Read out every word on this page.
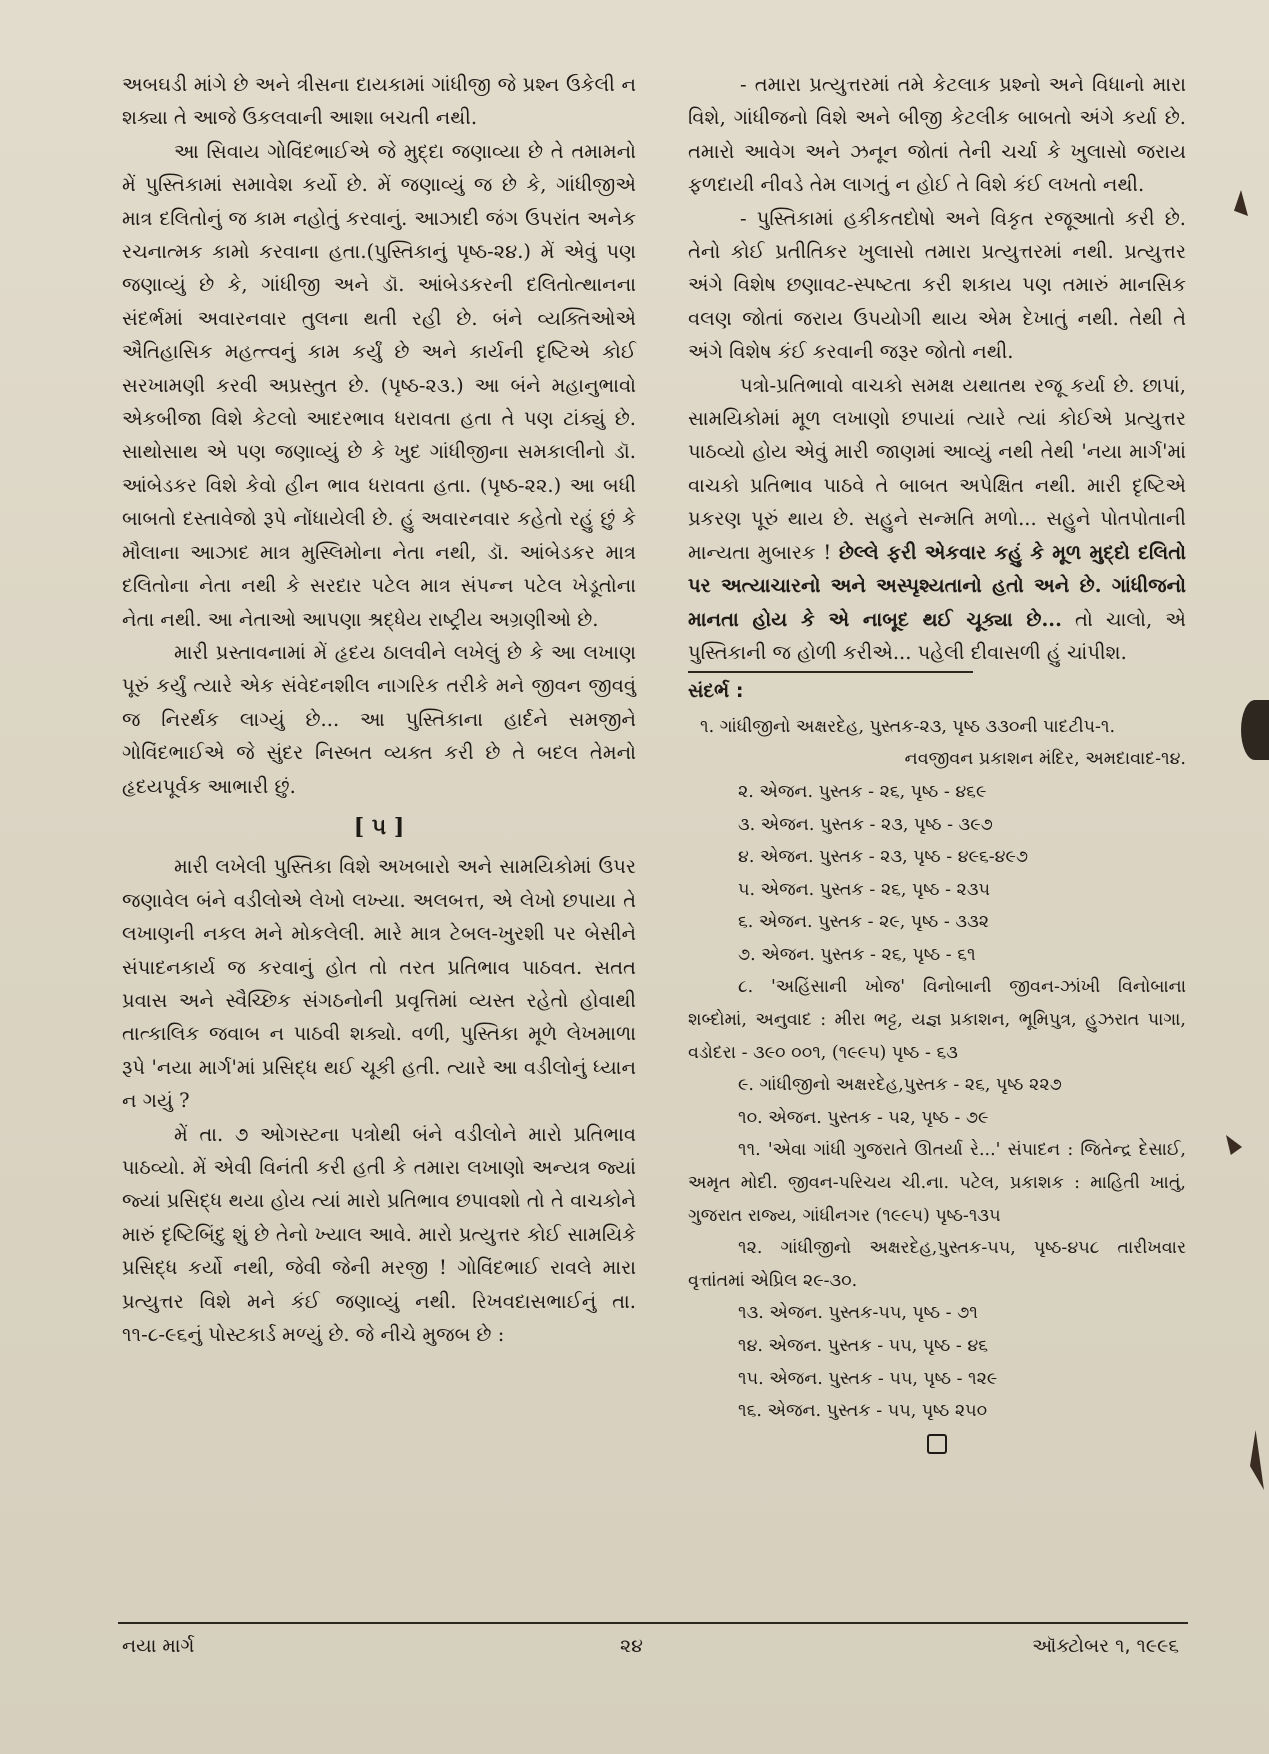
અબઘડી માંગે છે અને ત્રીસના દાયકામાં ગાંધીજી જે પ્રશ્ન ઉકેલી ન શક્યા તે આજે ઉકલવાની આશા બચતી નથી.

આ સિવાય ગોવિંદભાઈએ જે મુદ્દા જણાવ્યા છે તે તમામનો મેં પુસ્તિકામાં સમાવેશ કર્યો છે. મેં જણાવ્યું જ છે કે, ગાંધીજીએ માત્ર દલિતોનું જ કામ નહોતું કરવાનું. આઝાદી જંગ ઉપરાંત અનેક રચનાત્મક કામો કરવાના હતા.(પુસ્તિકાનું પૃષ્ઠ-૨૪.) મેં એવું પણ જણાવ્યું છે કે, ગાંધીજી અને ડૉ. આંબેડકરની દલિતોત્થાનના સંદર્ભમાં અવારનવાર તુલના થતી રહી છે. બંને વ્યક્તિઓએ ઐતિહાસિક મહત્ત્વનું કામ કર્યું છે અને કાર્યની દૃષ્ટિએ કોઈ સરખામણી કરવી અપ્રસ્તુત છે. (પૃષ્ઠ-૨૩.) આ બંને મહાનુભાવો એકબીજા વિશે કેટલો આદરભાવ ધરાવતા હતા તે પણ ટાંક્યું છે. સાથોસાથ એ પણ જણાવ્યું છે કે ખુદ ગાંધીજીના સમકાલીનો ડૉ. આંબેડકર વિશે કેવો હીન ભાવ ધરાવતા હતા. (પૃષ્ઠ-૨૨.) આ બધી બાબતો દસ્તાવેજો રૂપે નોંધાયેલી છે. હું અવારનવાર કહેતો રહું છું કે મૌલાના આઝાદ માત્ર મુસ્લિમોના નેતા નથી, ડૉ. આંબેડકર માત્ર દલિતોના નેતા નથી કે સરદાર પટેલ માત્ર સંપન્ન પટેલ ખેડૂતોના નેતા નથી. આ નેતાઓ આપણા શ્રદ્ધેય રાષ્ટ્રીય અગ્રણીઓ છે.

મારી પ્રસ્તાવનામાં મેં હૃદય ઠાલવીને લખેલું છે કે આ લખાણ પૂરું કર્યું ત્યારે એક સંવેદનશીલ નાગરિક તરીકે મને જીવન જીવવું જ નિરર્થક લાગ્યું છે... આ પુસ્તિકાના હાર્દને સમજીને ગોવિંદભાઈએ જે સુંદર નિસ્બત વ્યક્ત કરી છે તે બદલ તેમનો હૃદયપૂર્વક આભારી છું.

[ ૫ ]

મારી લખેલી પુસ્તિકા વિશે અખબારો અને સામયિકોમાં ઉપર જણાવેલ બંને વડીલોએ લેખો લખ્યા. અલબત્ત, એ લેખો છપાયા તે લખાણની નકલ મને મોકલેલી. મારે માત્ર ટેબલ-ખુરશી પર બેસીને સંપાદનકાર્ય જ કરવાનું હોત તો તરત પ્રતિભાવ પાઠવત. સતત પ્રવાસ અને સ્વૈચ્છિક સંગઠનોની પ્રવૃત્તિમાં વ્યસ્ત રહેતો હોવાથી તાત્કાલિક જવાબ ન પાઠવી શક્યો. વળી, પુસ્તિકા મૂળે લેખમાળા રૂપે 'નયા માર્ગ'માં પ્રસિદ્ધ થઈ ચૂકી હતી. ત્યારે આ વડીલોનું ધ્યાન ન ગયું ?

મેં તા. ૭ ઓગસ્ટના પત્રોથી બંને વડીલોને મારો પ્રતિભાવ પાઠવ્યો. મેં એવી વિનંતી કરી હતી કે તમારા લખાણો અન્યત્ર જ્યાં જ્યાં પ્રસિદ્ધ થયા હોય ત્યાં મારો પ્રતિભાવ છપાવશો તો તે વાચકોને મારું દૃષ્ટિબિંદુ શું છે તેનો ખ્યાલ આવે. મારો પ્રત્યુત્તર કોઈ સામયિકે પ્રસિદ્ધ કર્યો નથી, જેવી જેની મરજી ! ગોવિંદભાઈ રાવલે મારા પ્રત્યુત્તર વિશે મને કંઈ જણાવ્યું નથી. રિખવદાસભાઈનું તા. ૧૧-૮-૯૬નું પોસ્ટકાર્ડ મળ્યું છે. જે નીચે મુજબ છે :

- તમારા પ્રત્યુત્તરમાં તમે કેટલાક પ્રશ્નો અને વિધાનો મારા વિશે, ગાંધીજનો વિશે અને બીજી કેટલીક બાબતો અંગે કર્યા છે. તમારો આવેગ અને ઝનૂન જોતાં તેની ચર્ચા કે ખુલાસો જરાય ફળદાયી નીવડે તેમ લાગતું ન હોઈ તે વિશે કંઈ લખતો નથી.

- પુસ્તિકામાં હકીકતદોષો અને વિકૃત રજૂઆતો કરી છે. તેનો કોઈ પ્રતીતિકર ખુલાસો તમારા પ્રત્યુત્તરમાં નથી. પ્રત્યુત્તર અંગે વિશેષ છણાવટ-સ્પષ્ટતા કરી શકાય પણ તમારું માનસિક વલણ જોતાં જરાય ઉપયોગી થાય એમ દેખાતું નથી. તેથી તે અંગે વિશેષ કંઈ કરવાની જરૂર જોતો નથી.

પત્રો-પ્રતિભાવો વાચકો સમક્ષ યથાતથ રજૂ કર્યા છે. છાપાં, સામયિકોમાં મૂળ લખાણો છપાયાં ત્યારે ત્યાં કોઈએ પ્રત્યુત્તર પાઠવ્યો હોય એવું મારી જાણમાં આવ્યું નથી તેથી 'નયા માર્ગ'માં વાચકો પ્રતિભાવ પાઠવે તે બાબત અપેક્ષિત નથી. મારી દૃષ્ટિએ પ્રકરણ પૂરું થાય છે. સહુને સન્મતિ મળો... સહુને પોતપોતાની માન્યતા મુબારક ! છેલ્લે ફરી એકવાર કહું કે મૂળ મુદ્દો દલિતો પર અત્યાચારનો અને અસ્પૃશ્યતાનો હતો અને છે. ગાંધીજનો માનતા હોય કે એ નાબૂદ થઈ ચૂક્યા છે... તો ચાલો, એ પુસ્તિકાની જ હોળી કરીએ... પહેલી દીવાસળી હું ચાંપીશ.

સંદર્ભ :
૧. ગાંધીજીનો અક્ષરદેહ, પુસ્તક-૨૩, પૃષ્ઠ ૩૩૦ની પાદટીપ-૧.
નવજીવન પ્રકાશન મંદિર, અમદાવાદ-૧૪.
૨. એજન. પુસ્તક - ૨૬, પૃષ્ઠ - ૪૬૯
૩. એજન. પુસ્તક - ૨૩, પૃષ્ઠ - ૩૯૭
૪. એજન. પુસ્તક - ૨૩, પૃષ્ઠ - ૪૯૬-૪૯૭
૫. એજન. પુસ્તક - ૨૬, પૃષ્ઠ - ૨૩૫
૬. એજન. પુસ્તક - ૨૯, પૃષ્ઠ - ૩૩૨
૭. એજન. પુસ્તક - ૨૬, પૃષ્ઠ - ૬૧
૮. 'અહિંસાની ખોજ' વિનોબાની જીવન-ઝાંખી વિનોબાના શબ્દોમાં, અનુવાદ : મીરા ભટ્ટ, યજ્ઞ પ્રકાશન, ભૂમિપુત્ર, હુઝરાત પાગા, વડોદરા - ૩૯૦ ૦૦૧, (૧૯૯૫) પૃષ્ઠ - ૬૩
૯. ગાંધીજીનો અક્ષરદેહ,પુસ્તક - ૨૬, પૃષ્ઠ ૨૨૭
૧૦. એજન. પુસ્તક - ૫૨, પૃષ્ઠ - ૭૯
૧૧. 'એવા ગાંધી ગુજરાતે ઊતર્યા રે...' સંપાદન : જિતેન્દ્ર દેસાઈ, અમૃત મોદી. જીવન-પરિચય ચી.ના. પટેલ, પ્રકાશક : માહિતી ખાતું, ગુજરાત રાજ્ય, ગાંધીનગર (૧૯૯૫) પૃષ્ઠ-૧૩૫
૧૨. ગાંધીજીનો અક્ષરદેહ,પુસ્તક-૫૫, પૃષ્ઠ-૪૫૮ તારીખવાર વૃત્તાંતમાં એપ્રિલ ૨૯-૩૦.
૧૩. એજન. પુસ્તક-૫૫, પૃષ્ઠ - ૭૧
૧૪. એજન. પુસ્તક - ૫૫, પૃષ્ઠ - ૪૬
૧૫. એજન. પુસ્તક - ૫૫, પૃષ્ઠ - ૧૨૯
૧૬. એજન. પુસ્તક - ૫૫, પૃષ્ઠ ૨૫૦
નયા માર્ગ	૨૪	ઑક્ટોબર ૧, ૧૯૯૬
